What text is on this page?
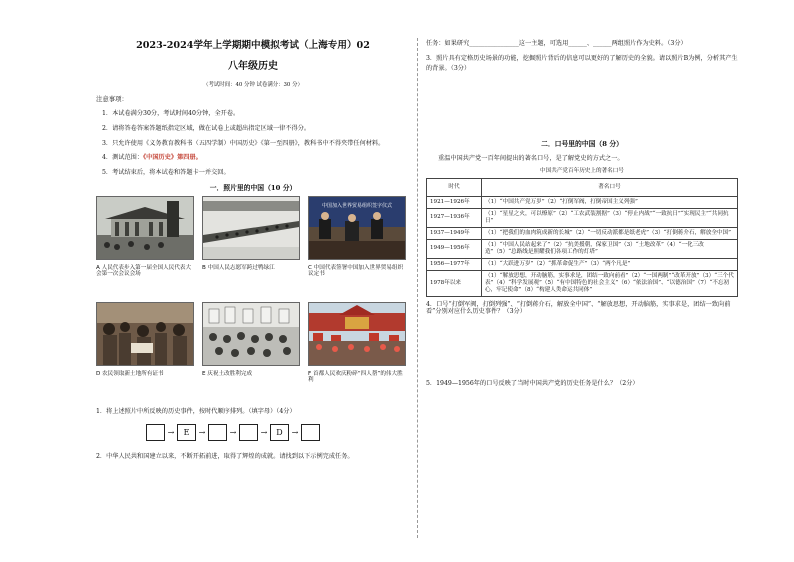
2023-2024学年上学期期中模拟考试（上海专用）02
八年级历史
（考试时间：40 分钟 试卷满分：30 分）
注意事项：
1．本试卷满分30分，考试时间40分钟，全开卷。
2．请将答卷答案答题纸指定区域，做在试卷上或超出指定区域一律不得分。
3．只允许使用《义务教育教科书（五四学制）中国历史》《第一至四册》，教科书中不得夹带任何材料。
4．测试范围：《中国历史》第四册。
5．考试结束后，将本试卷和答题卡一并交回。
一．照片里的中国（10 分）
A 人民代表步入第一届全国人民代表大会第一次会议会场
B 中国人民志愿军跨过鸭绿江
中国加入世界贸易组织签字仪式
C 中国代表签署中国加入世界贸易组织议定书
D 农民领取新土地所有证书	E 庆祝土改胜利完成	F 首都人民欢庆粉碎“四人帮”的伟大胜利
1．将上述照片中所反映的历史事件，按时代顺序排列。（填字母）（4分）
→	E	→	→	→	D	→
2．中华人民共和国建立以来，不断开拓前进，取得了辉煌的成就。请找到以下示例完成任务。
任务：如果研究________________这一主题，可选用______、______两组照片作为史料。（3分）
3．照片具有定格历史场景的功能，挖掘照片背后的信息可以更好的了解历史的全貌。请以照片B为例，分析其产生的背景。（3分）
二．口号里的中国（8 分）
重温中国共产党一百年间提出的著名口号，是了解党史的方式之一。
中国共产党百年历史上的著名口号
时代	著名口号
1921—1926年	（1）“中国共产党万岁”（2）“打倒军阀，打倒帝国主义列强”
1927—1936年	（1）“星星之火，可以燎原”（2）“工农武装割据”（3）“停止内战”“一致抗日”“实现民主”“共同抗日”
1937—1949年	（1）“把我们的血肉筑成新的长城”（2）“一切反动派都是纸老虎”（3）“打倒蒋介石，解放全中国”
1949—1956年	（1）“中国人民站起来了”（2）“抗美援朝，保家卫国”（3）“土地改革”（4）“一化三改造”（5）“总路线是照耀我们各项工作的灯塔”
1956—1977年	（1）“大跃进万岁”（2）“抓革命促生产”（3）“两个凡是”
1978年以来	（1）“解放思想，开动脑筋，实事求是，团结一致向前看”（2）“一国两制”“改革开放”（3）“三个代表”（4）“科学发展观”（5）“有中国特色的社会主义”（6）“依法治国”、“以德治国”（7）“不忘初心，牢记使命”（8）“构建人类命运共同体”
4．口号“打倒军阀，打倒列强”、“打倒蒋介石，解放全中国”、“解放思想，开动脑筋，实事求是，团结一致向前看”分别对应什么历史事件？（3分）
5．1949—1956年的口号反映了当时中国共产党的历史任务是什么？（2分）
